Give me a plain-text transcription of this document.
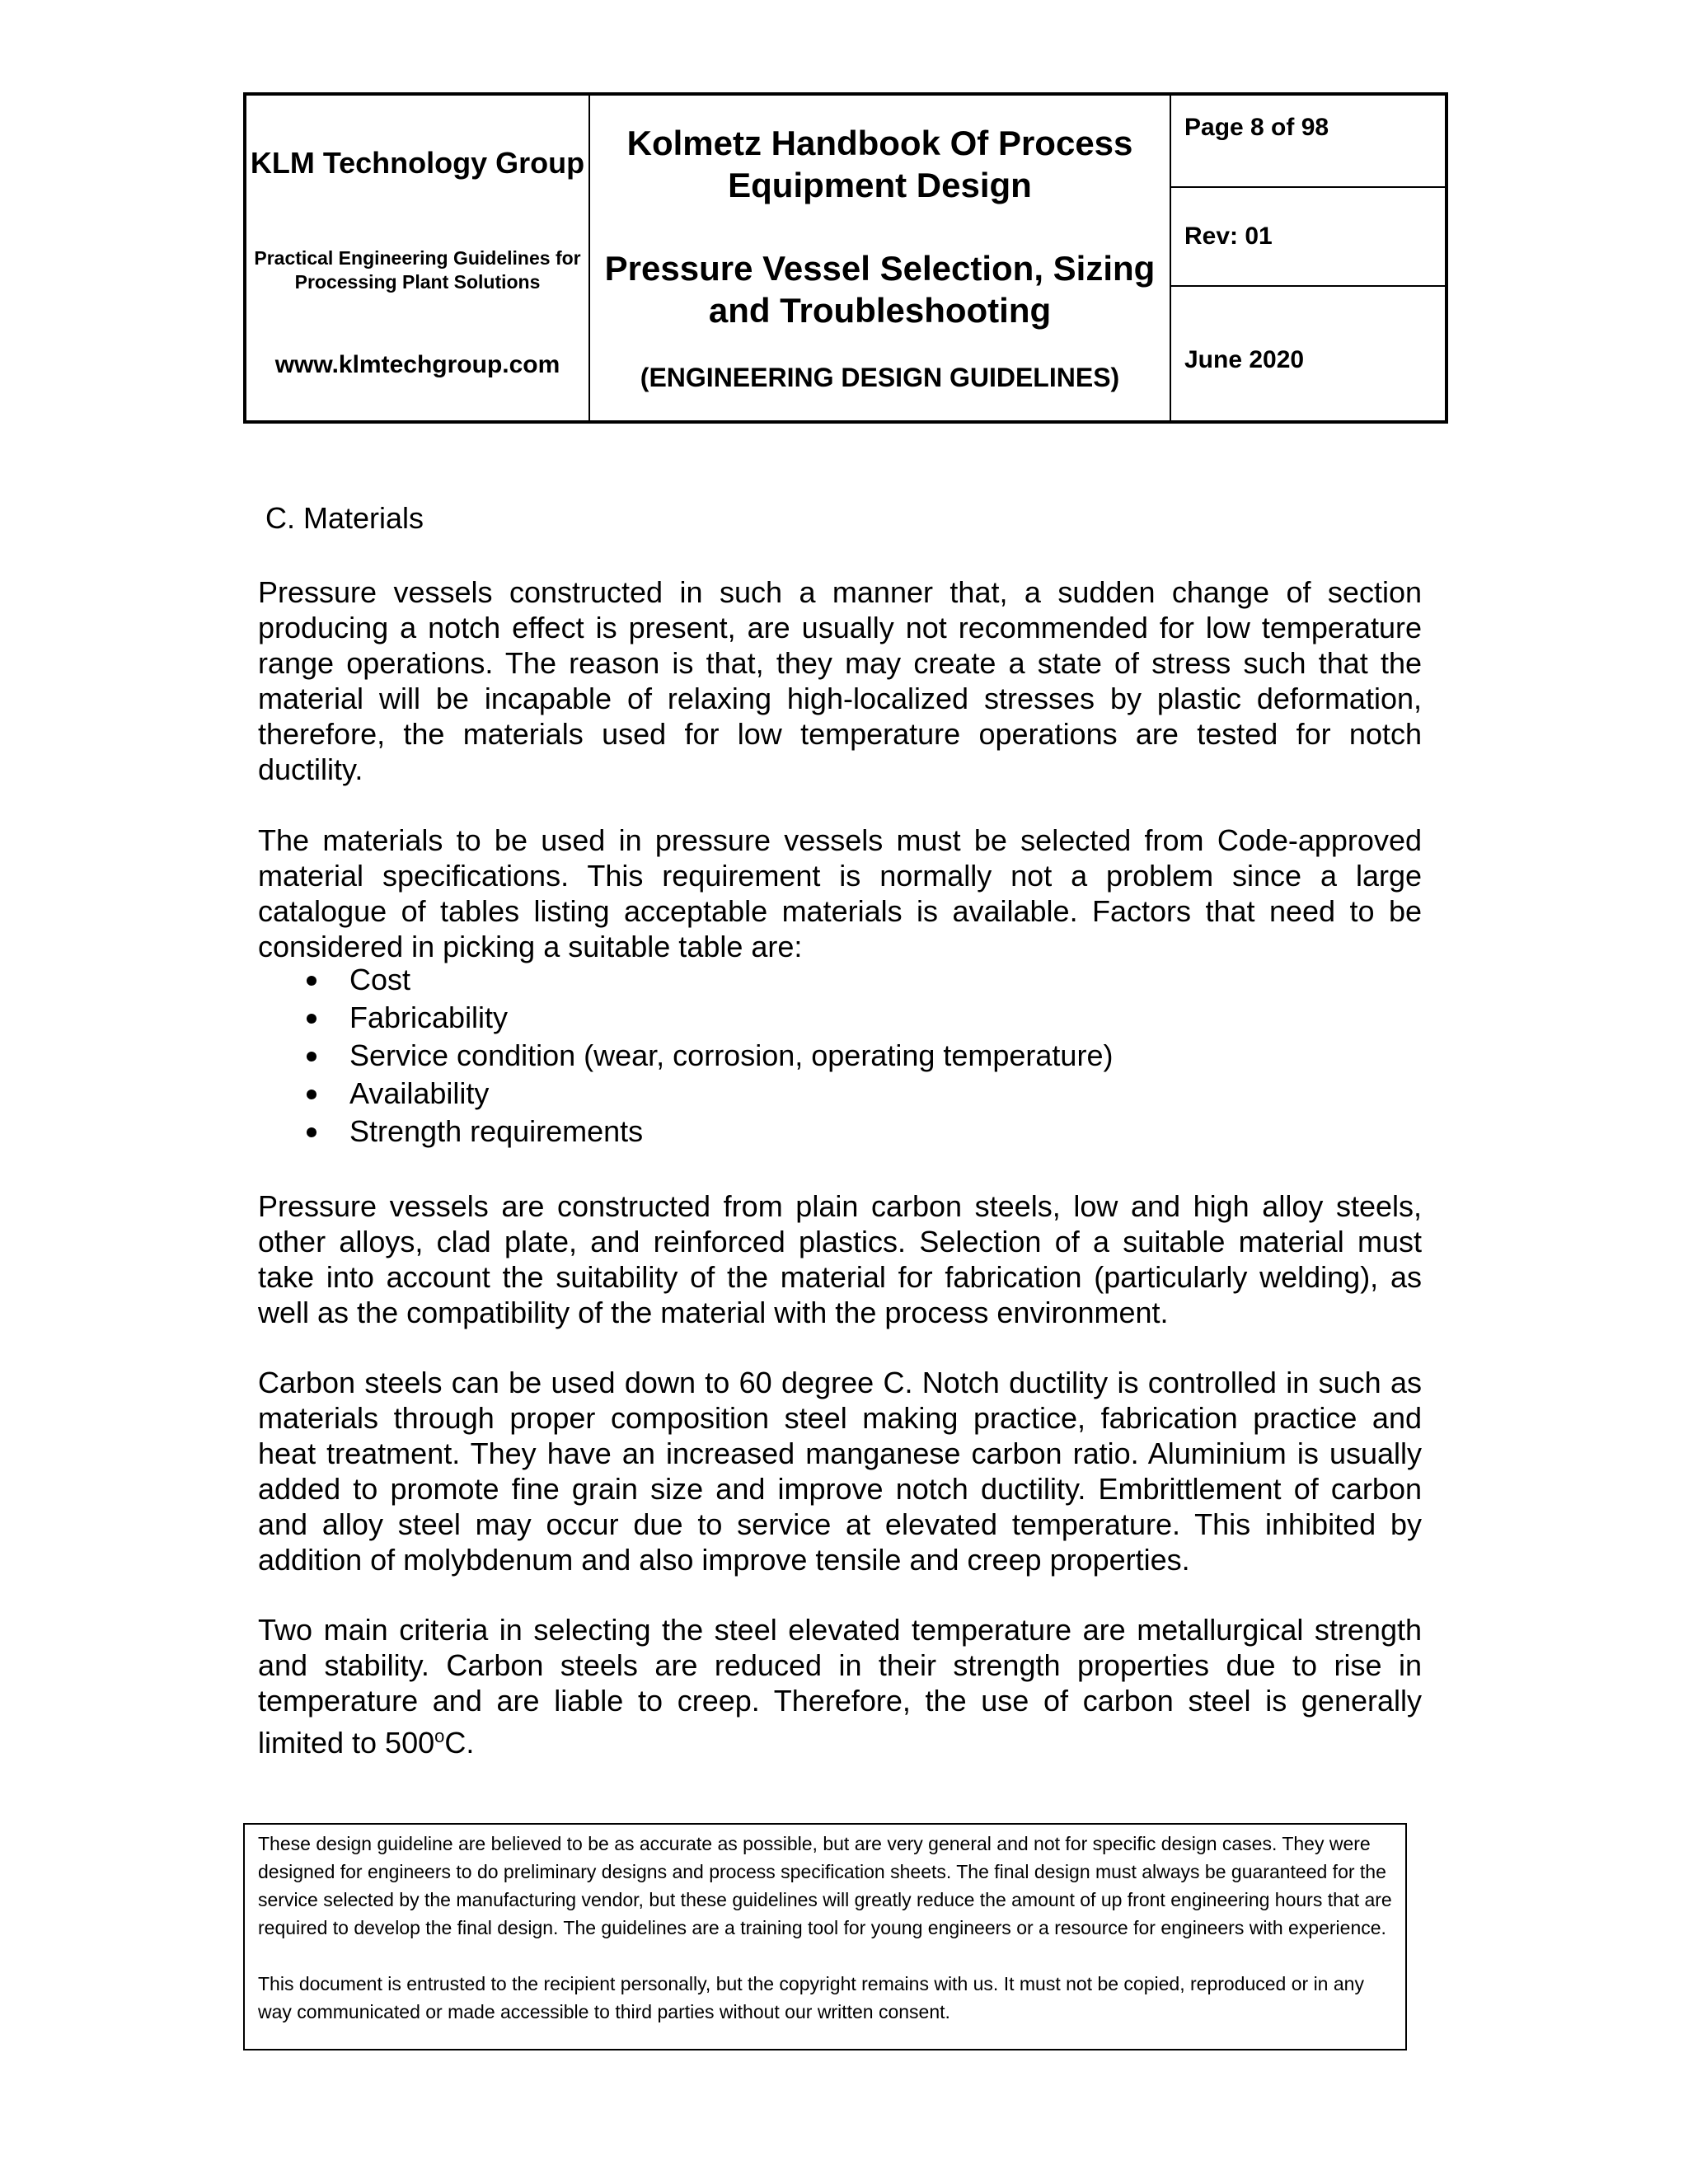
KLM Technology Group
Practical Engineering Guidelines for Processing Plant Solutions
www.klmtechgroup.com
Kolmetz Handbook Of Process Equipment Design
Pressure Vessel Selection, Sizing and Troubleshooting
(ENGINEERING DESIGN GUIDELINES)
Page 8 of 98
Rev: 01
June 2020
C. Materials

Pressure vessels constructed in such a manner that, a sudden change of section producing a notch effect is present, are usually not recommended for low temperature range operations. The reason is that, they may create a state of stress such that the material will be incapable of relaxing high-localized stresses by plastic deformation, therefore, the materials used for low temperature operations are tested for notch ductility.

The materials to be used in pressure vessels must be selected from Code-approved material specifications. This requirement is normally not a problem since a large catalogue of tables listing acceptable materials is available. Factors that need to be considered in picking a suitable table are:

Cost
Fabricability
Service condition (wear, corrosion, operating temperature)
Availability
Strength requirements

Pressure vessels are constructed from plain carbon steels, low and high alloy steels, other alloys, clad plate, and reinforced plastics. Selection of a suitable material must take into account the suitability of the material for fabrication (particularly welding), as well as the compatibility of the material with the process environment.

Carbon steels can be used down to 60 degree C. Notch ductility is controlled in such as materials through proper composition steel making practice, fabrication practice and heat treatment. They have an increased manganese carbon ratio. Aluminium is usually added to promote fine grain size and improve notch ductility. Embrittlement of carbon and alloy steel may occur due to service at elevated temperature. This inhibited by addition of molybdenum and also improve tensile and creep properties.

Two main criteria in selecting the steel elevated temperature are metallurgical strength and stability. Carbon steels are reduced in their strength properties due to rise in temperature and are liable to creep. Therefore, the use of carbon steel is generally limited to 500$^o$C.

These design guideline are believed to be as accurate as possible, but are very general and not for specific design cases. They were designed for engineers to do preliminary designs and process specification sheets. The final design must always be guaranteed for the service selected by the manufacturing vendor, but these guidelines will greatly reduce the amount of up front engineering hours that are required to develop the final design. The guidelines are a training tool for young engineers or a resource for engineers with experience.

This document is entrusted to the recipient personally, but the copyright remains with us. It must not be copied, reproduced or in any way communicated or made accessible to third parties without our written consent.
